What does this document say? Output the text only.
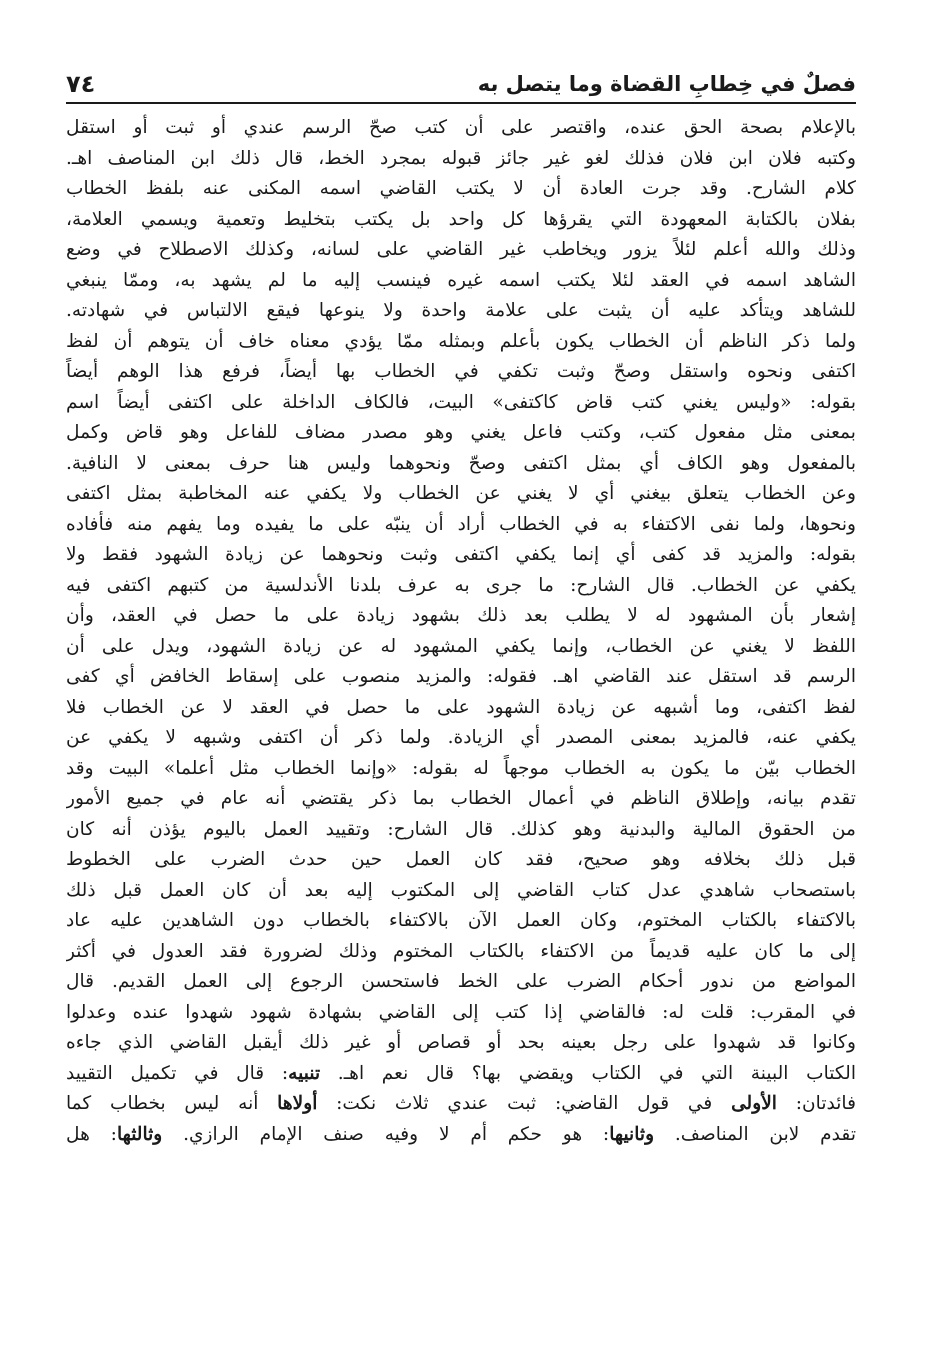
فصلٌ في خِطابِ القضاة وما يتصل به
٧٤
بالإعلام بصحة الحق عنده، واقتصر على أن كتب صحّ الرسم عندي أو ثبت أو استقل
وكتبه فلان ابن فلان فذلك لغو غير جائز قبوله بمجرد الخط، قال ذلك ابن المناصف اهـ.
كلام الشارح. وقد جرت العادة أن لا يكتب القاضي اسمه المكنى عنه بلفظ الخطاب
بفلان بالكتابة المعهودة التي يقرؤها كل واحد بل يكتب بتخليط وتعمية ويسمي العلامة،
وذلك والله أعلم لئلاً يزور ويخاطب غير القاضي على لسانه، وكذلك الاصطلاح في وضع
الشاهد اسمه في العقد لئلا يكتب اسمه غيره فينسب إليه ما لم يشهد به، وممّا ينبغي
للشاهد ويتأكد عليه أن يثبت على علامة واحدة ولا ينوعها فيقع الالتباس في شهادته.
ولما ذكر الناظم أن الخطاب يكون بأعلم وبمثله ممّا يؤدي معناه خاف أن يتوهم أن لفظ
اكتفى ونحوه واستقل وصحّ وثبت تكفي في الخطاب بها أيضاً، فرفع هذا الوهم أيضاً
بقوله: «وليس يغني كتب قاض كاكتفى» البيت، فالكاف الداخلة على اكتفى أيضاً اسم
بمعنى مثل مفعول كتب، وكتب فاعل يغني وهو مصدر مضاف للفاعل وهو قاض وكمل
بالمفعول وهو الكاف أي بمثل اكتفى وصحّ ونحوهما وليس هنا حرف بمعنى لا النافية.
وعن الخطاب يتعلق بيغني أي لا يغني عن الخطاب ولا يكفي عنه المخاطبة بمثل اكتفى
ونحوها، ولما نفى الاكتفاء به في الخطاب أراد أن ينبّه على ما يفيده وما يفهم منه فأفاده
بقوله: والمزيد قد كفى أي إنما يكفي اكتفى وثبت ونحوهما عن زيادة الشهود فقط ولا
يكفي عن الخطاب. قال الشارح: ما جرى به عرف بلدنا الأندلسية من كتبهم اكتفى فيه
إشعار بأن المشهود له لا يطلب بعد ذلك بشهود زيادة على ما حصل في العقد، وأن
اللفظ لا يغني عن الخطاب، وإنما يكفي المشهود له عن زيادة الشهود، ويدل على أن
الرسم قد استقل عند القاضي اهـ. فقوله: والمزيد منصوب على إسقاط الخافض أي كفى
لفظ اكتفى، وما أشبهه عن زيادة الشهود على ما حصل في العقد لا عن الخطاب فلا
يكفي عنه، فالمزيد بمعنى المصدر أي الزيادة. ولما ذكر أن اكتفى وشبهه لا يكفي عن
الخطاب بيّن ما يكون به الخطاب موجهاً له بقوله: «وإنما الخطاب مثل أعلما» البيت وقد
تقدم بيانه، وإطلاق الناظم في أعمال الخطاب بما ذكر يقتضي أنه عام في جميع الأمور
من الحقوق المالية والبدنية وهو كذلك. قال الشارح: وتقييد العمل باليوم يؤذن أنه كان
قبل ذلك بخلافه وهو صحيح، فقد كان العمل حين حدث الضرب على الخطوط
باستصحاب شاهدي عدل كتاب القاضي إلى المكتوب إليه بعد أن كان العمل قبل ذلك
بالاكتفاء بالكتاب المختوم، وكان العمل الآن بالاكتفاء بالخطاب دون الشاهدين عليه عاد
إلى ما كان عليه قديماً من الاكتفاء بالكتاب المختوم وذلك لضرورة فقد العدول في أكثر
المواضع من ندور أحكام الضرب على الخط فاستحسن الرجوع إلى العمل القديم. قال
في المقرب: قلت له: فالقاضي إذا كتب إلى القاضي بشهادة شهود شهدوا عنده وعدلوا
وكانوا قد شهدوا على رجل بعينه بحد أو قصاص أو غير ذلك أيقبل القاضي الذي جاءه
الكتاب البينة التي في الكتاب ويقضي بها؟ قال نعم اهـ. تنبيه: قال في تكميل التقييد
فائدتان: الأولى في قول القاضي: ثبت عندي ثلاث نكت: أولاها أنه ليس بخطاب كما
تقدم لابن المناصف. وثانيها: هو حكم أم لا وفيه صنف الإمام الرازي. وثالثها: هل
